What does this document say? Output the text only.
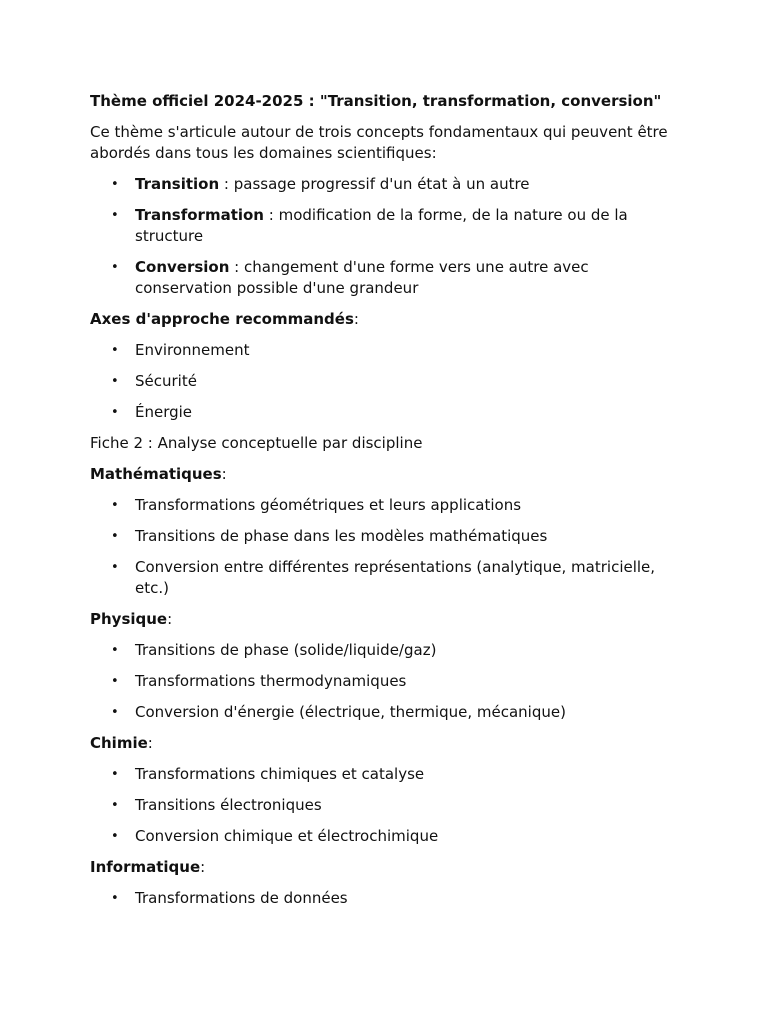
Thème officiel 2024-2025 : "Transition, transformation, conversion"

Ce thème s'articule autour de trois concepts fondamentaux qui peuvent être abordés dans tous les domaines scientifiques:

• Transition : passage progressif d'un état à un autre
• Transformation : modification de la forme, de la nature ou de la structure
• Conversion : changement d'une forme vers une autre avec conservation possible d'une grandeur

Axes d'approche recommandés:

• Environnement
• Sécurité
• Énergie

Fiche 2 : Analyse conceptuelle par discipline

Mathématiques:

• Transformations géométriques et leurs applications
• Transitions de phase dans les modèles mathématiques
• Conversion entre différentes représentations (analytique, matricielle, etc.)

Physique:

• Transitions de phase (solide/liquide/gaz)
• Transformations thermodynamiques
• Conversion d'énergie (électrique, thermique, mécanique)

Chimie:

• Transformations chimiques et catalyse
• Transitions électroniques
• Conversion chimique et électrochimique

Informatique:

• Transformations de données
